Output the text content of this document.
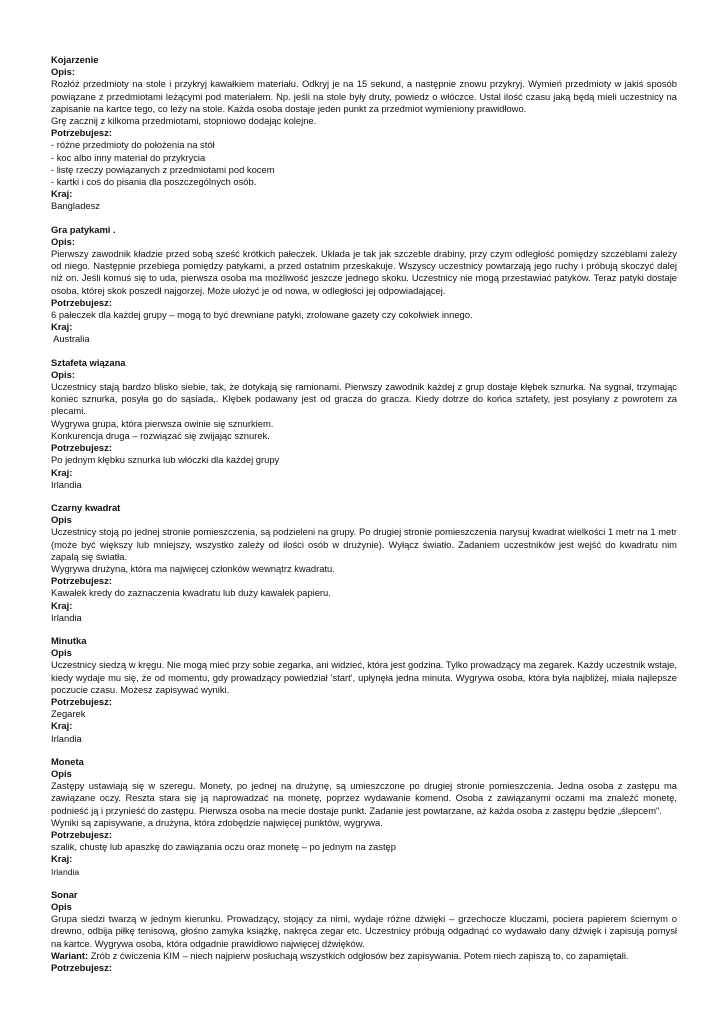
Kojarzenie
Opis:
Rozłóż przedmioty na stole i przykryj kawałkiem materiału. Odkryj je na 15 sekund, a następnie znowu przykryj. Wymień przedmioty w jakiś sposób powiązane z przedmiotami leżącymi pod materiałem. Np. jeśli na stole były druty, powiedz o włóczce. Ustal ilość czasu jaką będą mieli uczestnicy na zapisanie na kartce tego, co leży na stole. Każda osoba dostaje jeden punkt za przedmiot wymieniony prawidłowo.
Grę zacznij z kilkoma przedmiotami, stopniowo dodając kolejne.
Potrzebujesz:
- różne przedmioty do położenia na stół
- koc albo inny materiał do przykrycia
- listę rzeczy powiązanych z przedmiotami pod kocem
- kartki i coś do pisania dla poszczególnych osób.
Kraj:
Bangladesz
Gra patykami .
Opis:
Pierwszy zawodnik kładzie przed sobą sześć krótkich pałeczek. Układa je tak jak szczeble drabiny, przy czym odległość pomiędzy szczeblami zależy od niego. Następnie przebiega pomiędzy patykami, a przed ostatnim przeskakuje. Wszyscy uczestnicy powtarzają jego ruchy i próbują skoczyć dalej niż on. Jeśli komuś się to uda, pierwsza osoba ma możliwość jeszcze jednego skoku. Uczestnicy nie mogą przestawiać patyków. Teraz patyki dostaje osoba, której skok poszedł najgorzej. Może ułożyć je od nowa, w odległości jej odpowiadającej.
Potrzebujesz:
6 pałeczek dla każdej grupy – mogą to być drewniane patyki, zrolowane gazety czy cokolwiek innego.
Kraj:
Australia
Sztafeta wiązana
Opis:
Uczestnicy stają bardzo blisko siebie, tak, że dotykają się ramionami. Pierwszy zawodnik każdej z grup dostaje kłębek sznurka. Na sygnał, trzymając koniec sznurka, posyła go do sąsiada,. Kłębek podawany jest od gracza do gracza. Kiedy dotrze do końca sztafety, jest posyłany z powrotem za plecami.
Wygrywa grupa, która pierwsza owinie się sznurkiem.
Konkurencja druga – rozwiązać się zwijając sznurek.
Potrzebujesz:
Po jednym kłębku sznurka lub włóczki dla każdej grupy
Kraj:
Irlandia
Czarny kwadrat
Opis
Uczestnicy stoją po jednej stronie pomieszczenia, są podzieleni na grupy. Po drugiej stronie pomieszczenia narysuj kwadrat wielkości 1 metr na 1 metr (może być większy lub mniejszy, wszystko zależy od ilości osób w drużynie). Wyłącz światło. Zadaniem uczestników jest wejść do kwadratu nim zapalą się światła.
Wygrywa drużyna, która ma najwięcej członków wewnątrz kwadratu.
Potrzebujesz:
Kawałek kredy do zaznaczenia kwadratu lub duży kawałek papieru.
Kraj:
Irlandia
Minutka
Opis
Uczestnicy siedzą w kręgu. Nie mogą mieć przy sobie zegarka, ani widzieć, która jest godzina. Tylko prowadzący ma zegarek. Każdy uczestnik wstaje, kiedy wydaje mu się, że od momentu, gdy prowadzący powiedział 'start', upłynęła jedna minuta. Wygrywa osoba, która była najbliżej, miała najlepsze poczucie czasu. Możesz zapisywać wyniki.
Potrzebujesz:
Zegarek
Kraj:
Irlandia
Moneta
Opis
Zastępy ustawiają się w szeregu. Monety, po jednej na drużynę, są umieszczone po drugiej stronie pomieszczenia. Jedna osoba z zastępu ma zawiązane oczy. Reszta stara się ją naprowadzać na monetę, poprzez wydawanie komend. Osoba z zawiązanymi oczami ma znaleźć monetę, podnieść ją i przynieść do zastępu. Pierwsza osoba na mecie dostaje punkt. Zadanie jest powtarzane, aż każda osoba z zastępu będzie „ślepcem".
Wyniki są zapisywane, a drużyna, która zdobędzie najwięcej punktów, wygrywa.
Potrzebujesz:
szalik, chustę lub apaszkę do zawiązania oczu oraz monetę – po jednym na zastęp
Kraj:
Irlandia
Sonar
Opis
Grupa siedzi twarzą w jednym kierunku. Prowadzący, stojący za nimi, wydaje różne dźwięki – grzechocze kluczami, pociera papierem ściernym o drewno, odbija piłkę tenisową, głośno zamyka książkę, nakręca zegar etc. Uczestnicy próbują odgadnąć co wydawało dany dźwięk i zapisują pomysł na kartce. Wygrywa osoba, która odgadnie prawidłowo najwięcej dźwięków.
Wariant: Zrób z ćwiczenia KIM – niech najpierw posłuchają wszystkich odgłosów bez zapisywania. Potem niech zapiszą to, co zapamiętali.
Potrzebujesz:
